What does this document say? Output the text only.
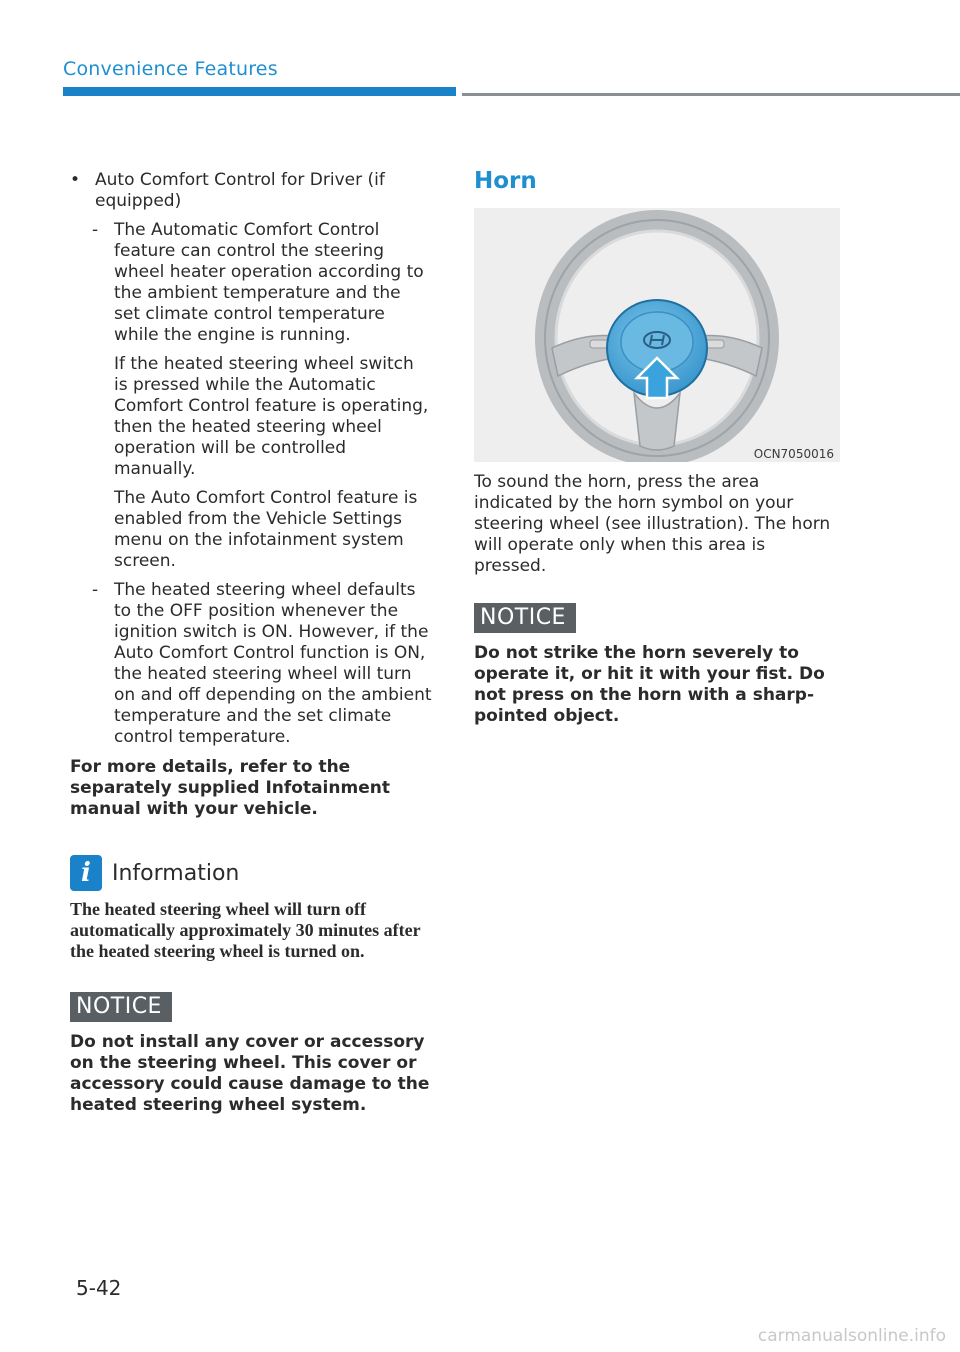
Convenience Features
• Auto Comfort Control for Driver (if equipped)
- The Automatic Comfort Control feature can control the steering wheel heater operation according to the ambient temperature and the set climate control temperature while the engine is running.

If the heated steering wheel switch is pressed while the Automatic Comfort Control feature is operating, then the heated steering wheel operation will be controlled manually.

The Auto Comfort Control feature is enabled from the Vehicle Settings menu on the infotainment system screen.

- The heated steering wheel defaults to the OFF position whenever the ignition switch is ON. However, if the Auto Comfort Control function is ON, the heated steering wheel will turn on and off depending on the ambient temperature and the set climate control temperature.

For more details, refer to the separately supplied Infotainment manual with your vehicle.

i Information

The heated steering wheel will turn off automatically approximately 30 minutes after the heated steering wheel is turned on.

NOTICE

Do not install any cover or accessory on the steering wheel. This cover or accessory could cause damage to the heated steering wheel system.

Horn

OCN7050016

To sound the horn, press the area indicated by the horn symbol on your steering wheel (see illustration). The horn will operate only when this area is pressed.

NOTICE

Do not strike the horn severely to operate it, or hit it with your fist. Do not press on the horn with a sharp-pointed object.

5-42
carmanualsonline.info
